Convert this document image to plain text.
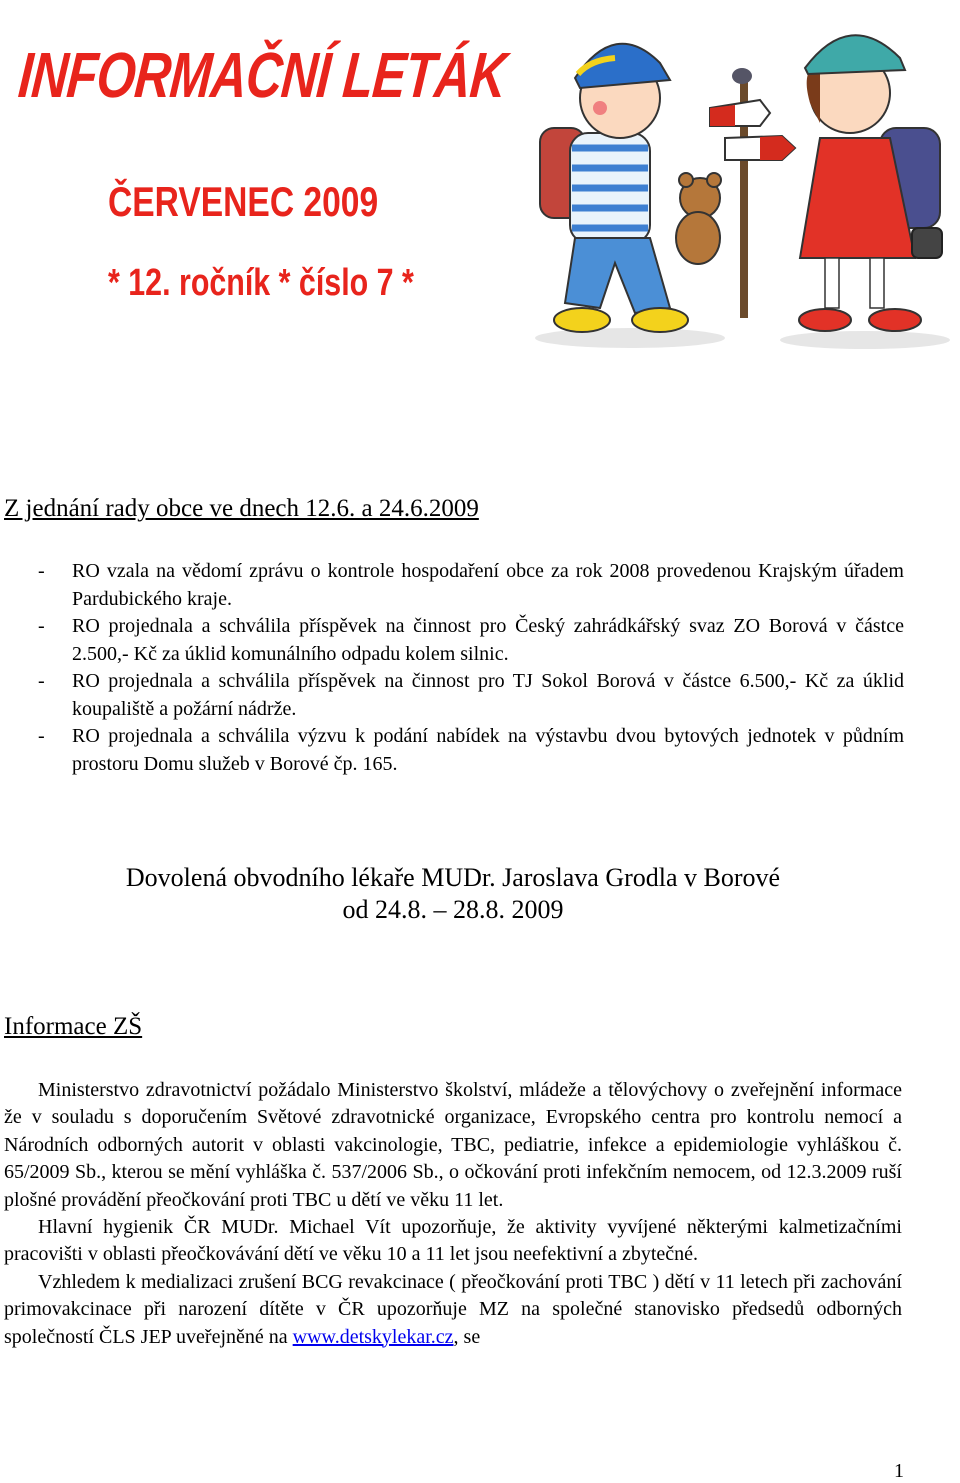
INFORMAČNÍ LETÁK
ČERVENEC 2009
* 12. ročník * číslo 7 *
Z jednání rady obce ve dnech 12.6. a 24.6.2009
- RO vzala na vědomí zprávu o kontrole hospodaření obce za rok 2008 provedenou Krajským úřadem Pardubického kraje.
- RO projednala a schválila příspěvek na činnost pro Český zahrádkářský svaz ZO Borová v částce 2.500,- Kč za úklid komunálního odpadu kolem silnic.
- RO projednala a schválila příspěvek na činnost pro TJ Sokol Borová v částce 6.500,- Kč za úklid koupaliště a požární nádrže.
- RO projednala a schválila výzvu k podání nabídek na výstavbu dvou bytových jednotek v půdním prostoru Domu služeb v Borové čp. 165.
Dovolená obvodního lékaře MUDr. Jaroslava Grodla v Borové
od 24.8. – 28.8. 2009
Informace ZŠ

Ministerstvo zdravotnictví požádalo Ministerstvo školství, mládeže a tělovýchovy o zveřejnění informace že v souladu s doporučením Světové zdravotnické organizace, Evropského centra pro kontrolu nemocí a Národních odborných autorit v oblasti vakcinologie, TBC, pediatrie, infekce a epidemiologie vyhláškou č. 65/2009 Sb., kterou se mění vyhláška č. 537/2006 Sb., o očkování proti infekčním nemocem, od 12.3.2009 ruší plošné provádění přeočkování proti TBC u dětí ve věku 11 let.

Hlavní hygienik ČR MUDr. Michael Vít upozorňuje, že aktivity vyvíjené některými kalmetizačními pracovišti v oblasti přeočkovávání dětí ve věku 10 a 11 let jsou neefektivní a zbytečné.

Vzhledem k medializaci zrušení BCG revakcinace ( přeočkování proti TBC ) dětí v 11 letech při zachování primovakcinace při narození dítěte v ČR upozorňuje MZ na společné stanovisko předsedů odborných společností ČLS JEP uveřejněné na www.detskylekar.cz, se

1
